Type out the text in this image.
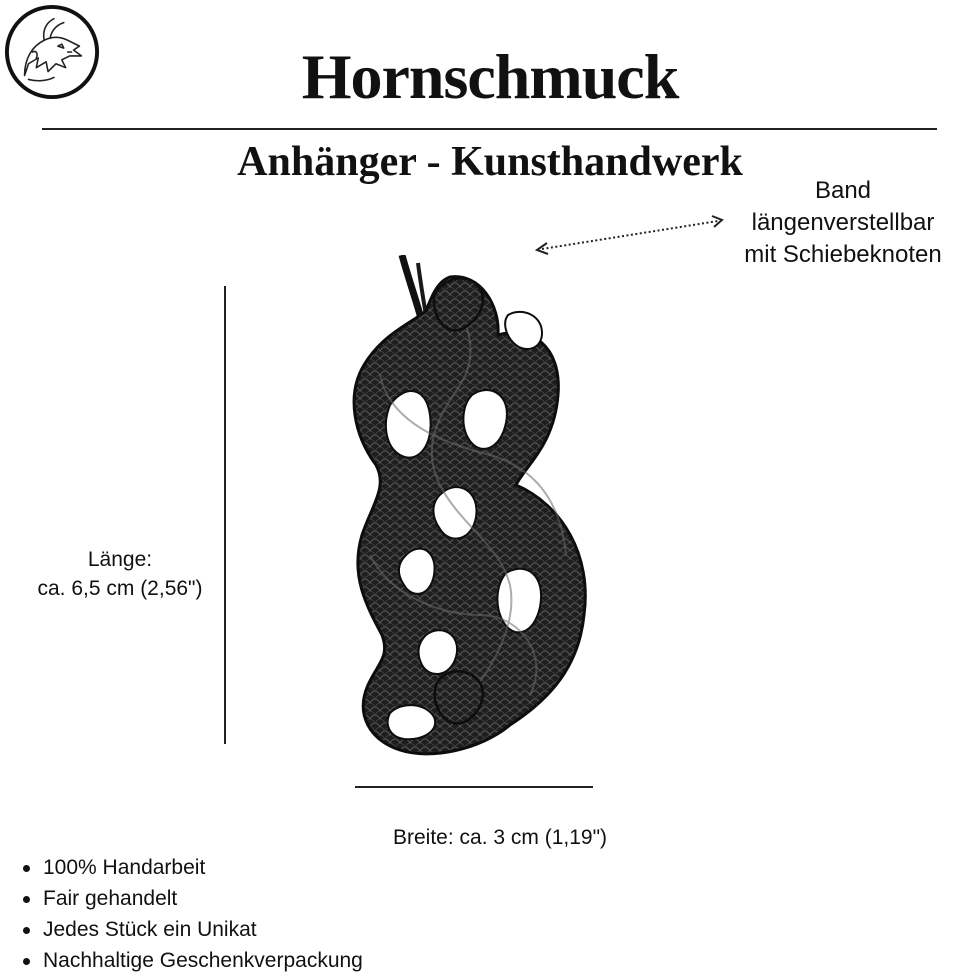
Hornschmuck
Anhänger - Kunsthandwerk
Band
längenverstellbar
mit Schiebeknoten
Länge:
ca. 6,5 cm (2,56")
Breite: ca. 3 cm (1,19")
100% Handarbeit
Fair gehandelt
Jedes Stück ein Unikat
Nachhaltige Geschenkverpackung
